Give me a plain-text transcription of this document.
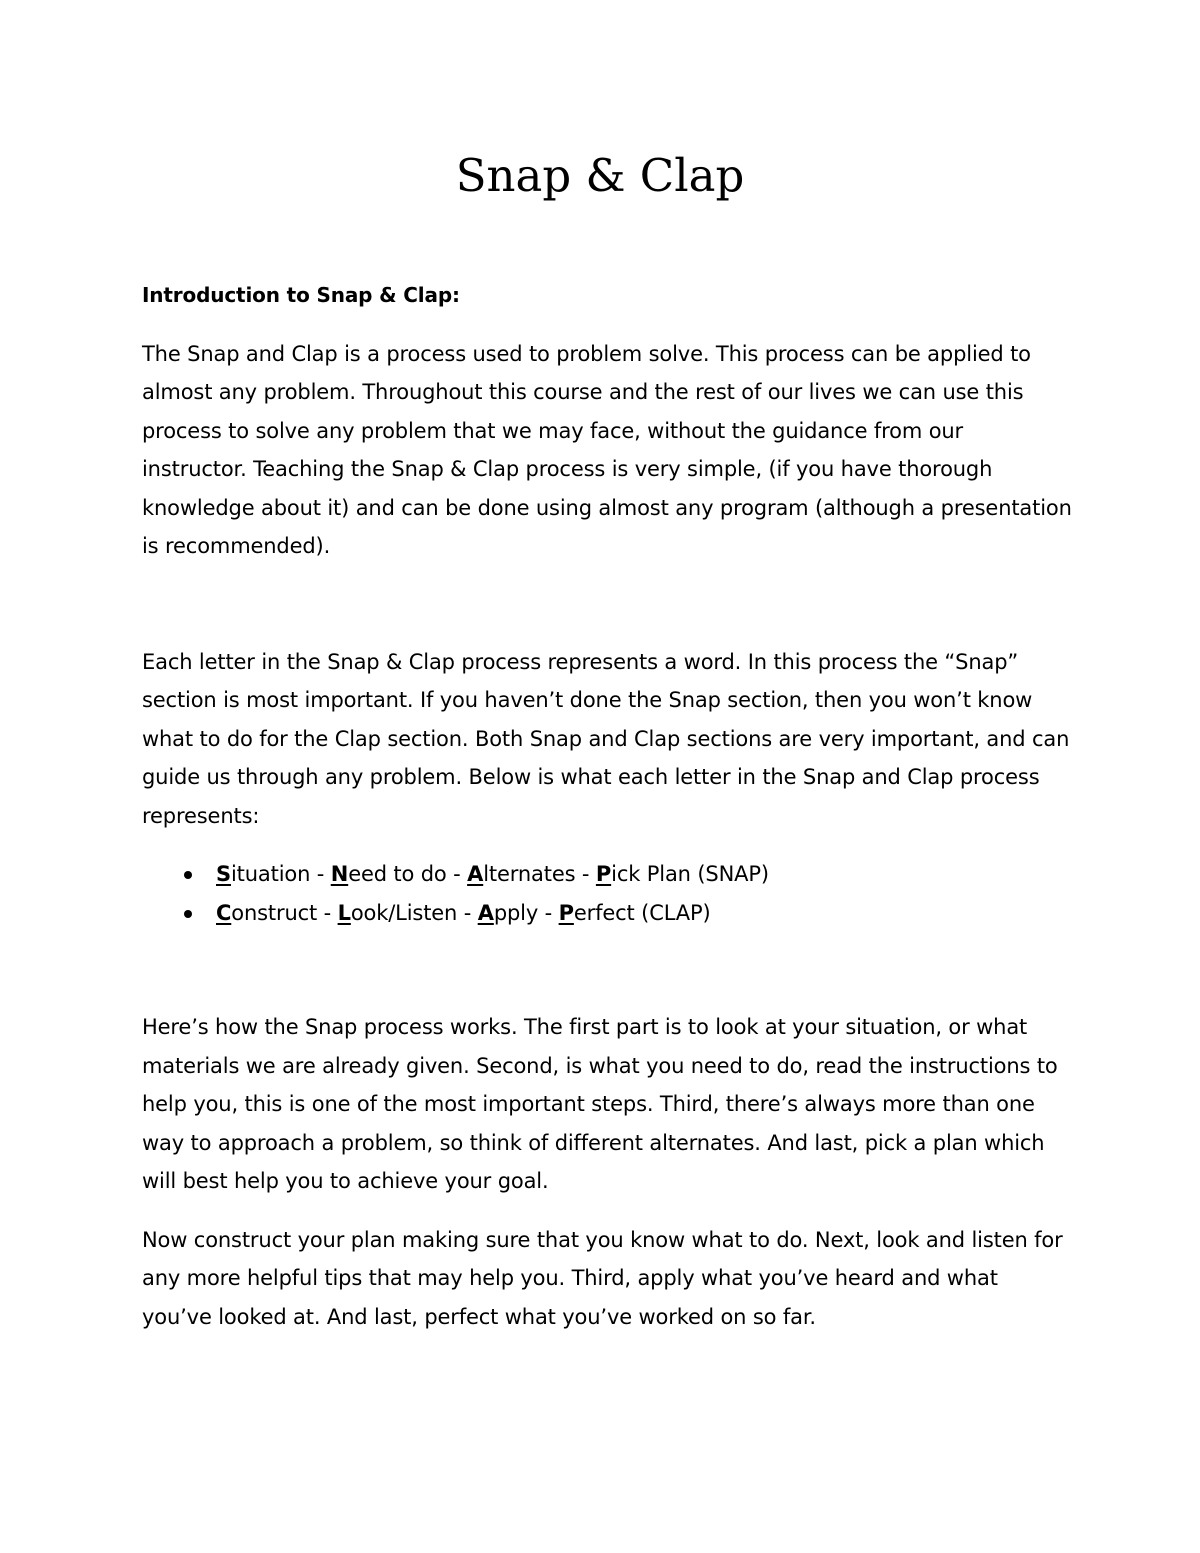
Snap & Clap

Introduction to Snap & Clap:

The Snap and Clap is a process used to problem solve. This process can be applied to almost any problem. Throughout this course and the rest of our lives we can use this process to solve any problem that we may face, without the guidance from our instructor. Teaching the Snap & Clap process is very simple, (if you have thorough knowledge about it) and can be done using almost any program (although a presentation is recommended).

Each letter in the Snap & Clap process represents a word. In this process the “Snap” section is most important. If you haven’t done the Snap section, then you won’t know what to do for the Clap section. Both Snap and Clap sections are very important, and can guide us through any problem. Below is what each letter in the Snap and Clap process represents:

Situation - Need to do - Alternates - Pick Plan (SNAP)
Construct - Look/Listen - Apply - Perfect (CLAP)

Here’s how the Snap process works. The first part is to look at your situation, or what materials we are already given. Second, is what you need to do, read the instructions to help you, this is one of the most important steps. Third, there’s always more than one way to approach a problem, so think of different alternates. And last, pick a plan which will best help you to achieve your goal.

Now construct your plan making sure that you know what to do. Next, look and listen for any more helpful tips that may help you. Third, apply what you’ve heard and what you’ve looked at. And last, perfect what you’ve worked on so far.
